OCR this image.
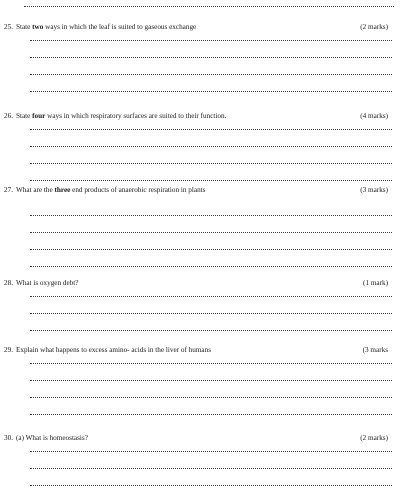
25. State two ways in which the leaf is suited to gaseous exchange	(2 marks)
26. State four ways in which respiratory surfaces are suited to their function.	(4 marks)
27. What are the three end products of anaerobic respiration in plants	(3 marks)
28. What is oxygen debt?	(1 mark)
29. Explain what happens to excess amino- acids in the liver of humans	(3 marks
30. (a) What is homeostasis?	(2 marks)
